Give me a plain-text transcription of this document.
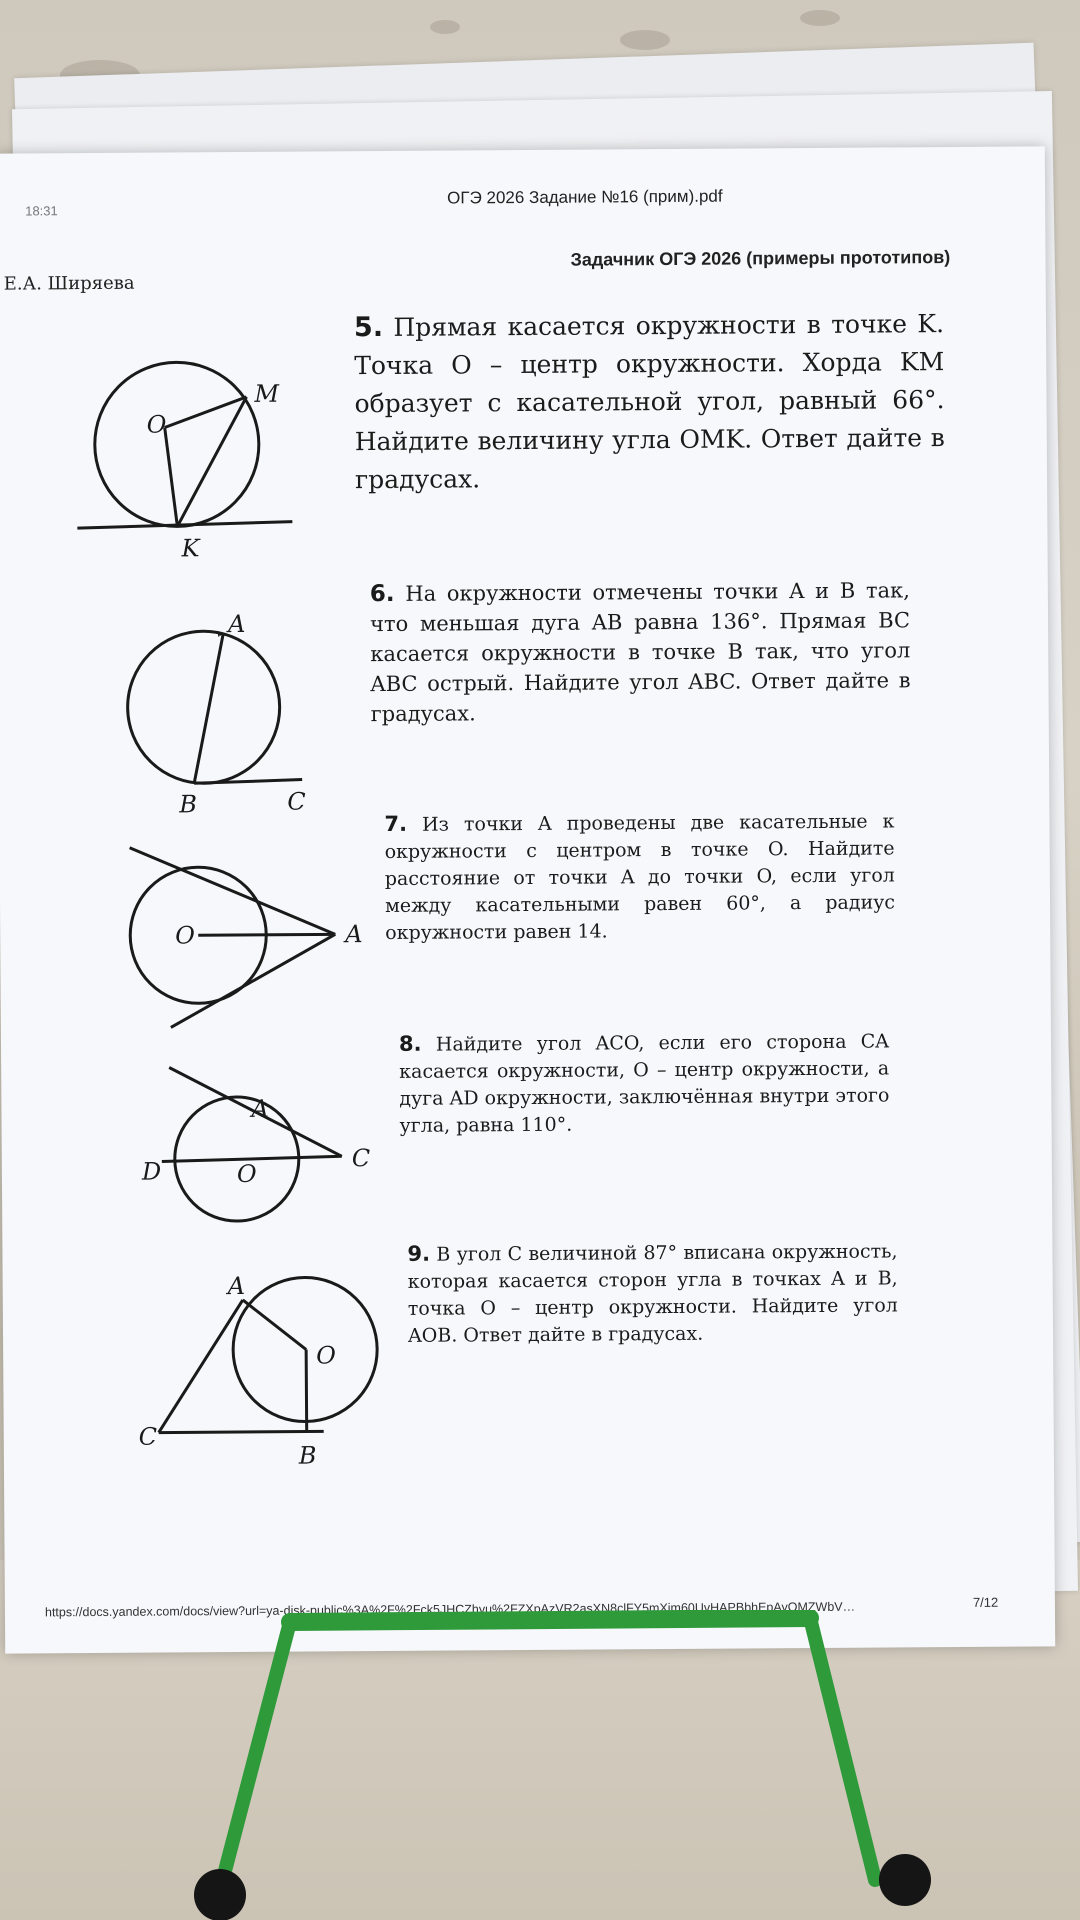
18:31
ОГЭ 2026 Задание №16 (прим).pdf
Е.А. Ширяева
Задачник ОГЭ 2026 (примеры прототипов)
5. Прямая касается окружности в точке K. Точка O – центр окружности. Хорда KM образует с касательной угол, равный 66°. Найдите величину угла OMK. Ответ дайте в градусах.
O
M
K
6. На окружности отмечены точки A и B так, что меньшая дуга AB равна 136°. Прямая BC касается окружности в точке B так, что угол ABC острый. Найдите угол ABC. Ответ дайте в градусах.
A
B	C
7. Из точки A проведены две касательные к окружности с центром в точке O. Найдите расстояние от точки A до точки O, если угол между касательными равен 60°, а радиус окружности равен 14.
O	A
8. Найдите угол ACO, если его сторона CA касается окружности, O – центр окружности, а дуга AD окружности, заключённая внутри этого угла, равна 110°.
A
C
D	O
9. В угол C величиной 87° вписана окружность, которая касается сторон угла в точках A и B, точка O – центр окружности. Найдите угол AOB. Ответ дайте в градусах.
A
O
C
B
https://docs.yandex.com/docs/view?url=ya-disk-public%3A%2F%2Fck5JHCZhyu%2FZXpAzVR2asXN8clFY5mXim60UvHAPBbhEpAyOMZWbV…	7/12
